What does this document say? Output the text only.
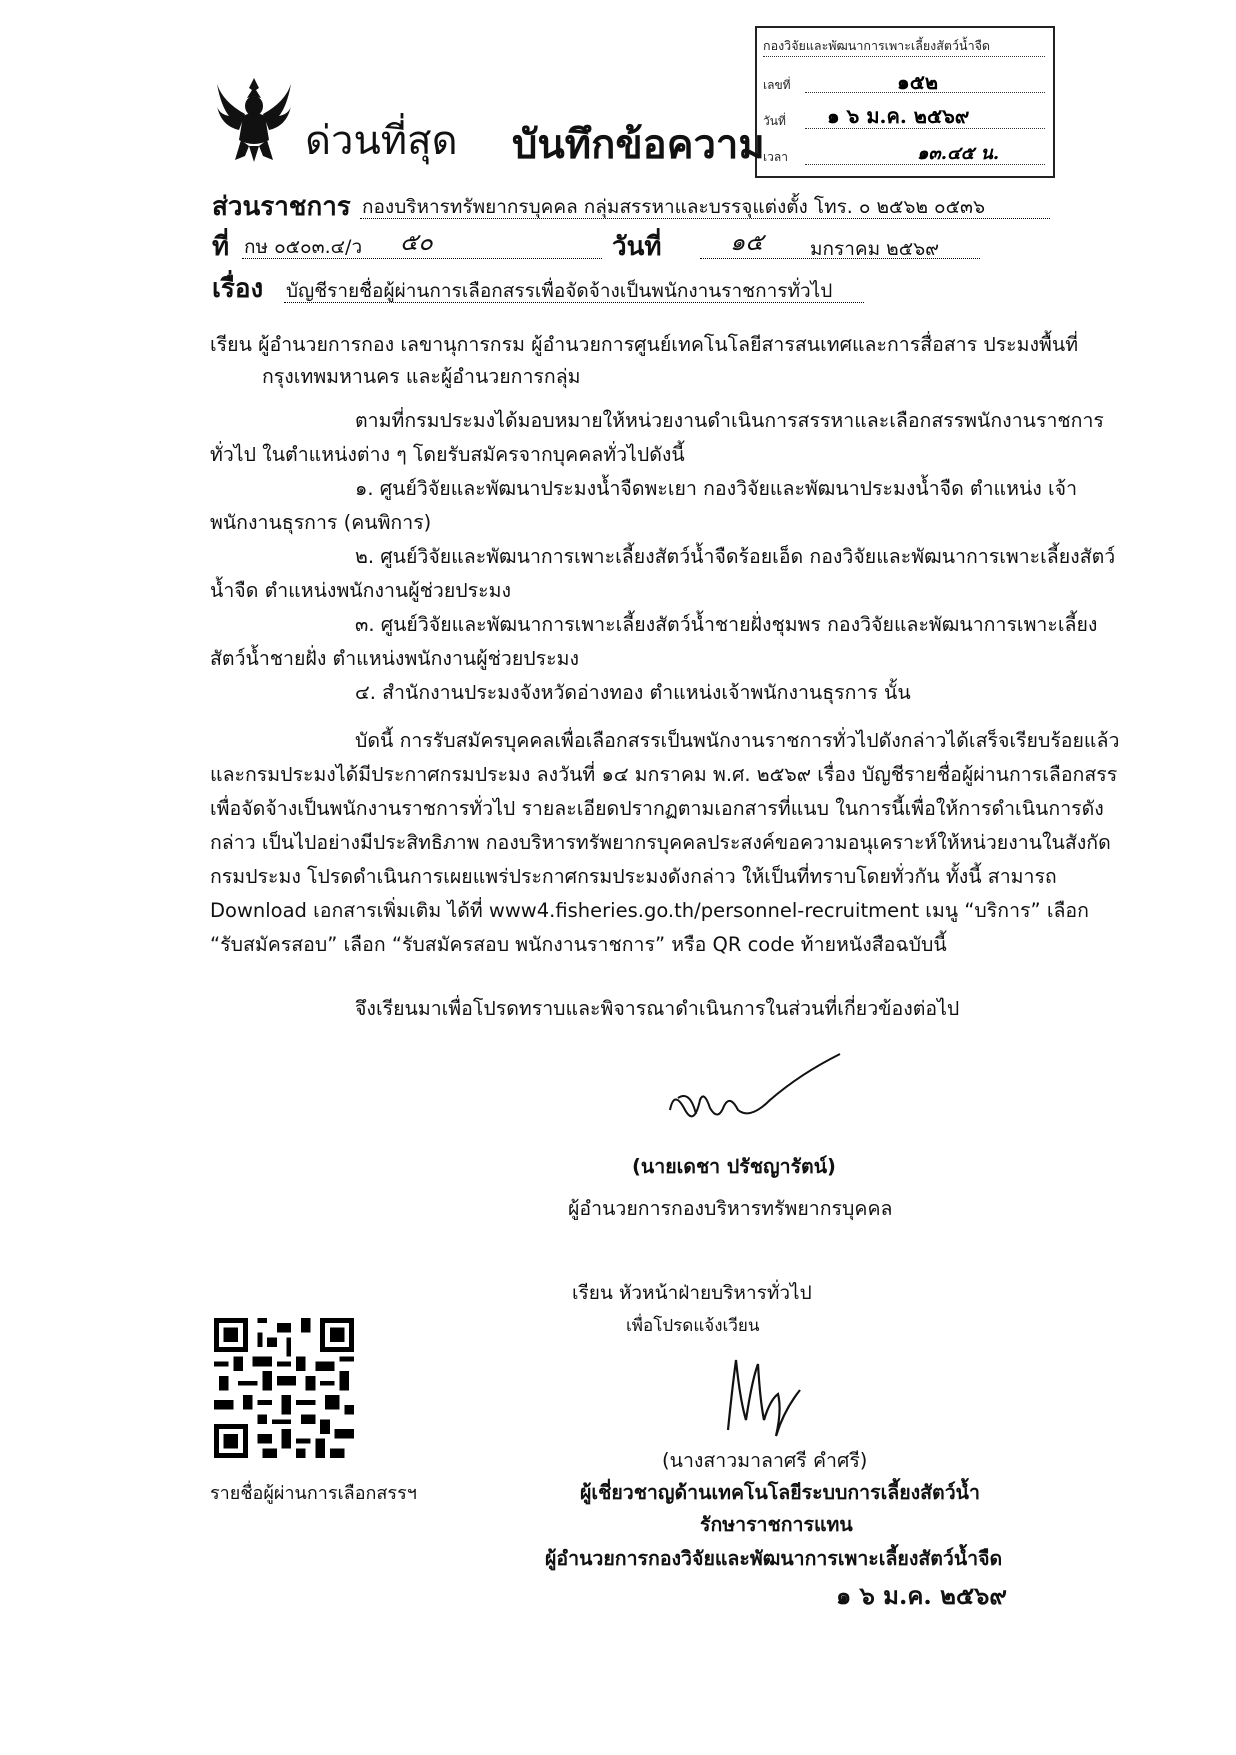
กองวิจัยและพัฒนาการเพาะเลี้ยงสัตว์น้ำจืด
เลขที่	๑๕๒
วันที่ ๑ ๖ ม.ค. ๒๕๖๙
เวลา	๑๓.๔๕ น.
ด่วนที่สุด บันทึกข้อความ
ส่วนราชการ กองบริหารทรัพยากรบุคคล กลุ่มสรรหาและบรรจุแต่งตั้ง โทร. ๐ ๒๕๖๒ ๐๕๓๖
ที่ กษ ๐๕๐๓.๔/ว ๕๐	วันที่	๑๕ มกราคม ๒๕๖๙
เรื่อง บัญชีรายชื่อผู้ผ่านการเลือกสรรเพื่อจัดจ้างเป็นพนักงานราชการทั่วไป
เรียน ผู้อำนวยการกอง เลขานุการกรม ผู้อำนวยการศูนย์เทคโนโลยีสารสนเทศและการสื่อสาร ประมงพื้นที่
กรุงเทพมหานคร และผู้อำนวยการกลุ่ม
ตามที่กรมประมงได้มอบหมายให้หน่วยงานดำเนินการสรรหาและเลือกสรรพนักงานราชการทั่วไป ในตำแหน่งต่าง ๆ โดยรับสมัครจากบุคคลทั่วไปดังนี้
๑. ศูนย์วิจัยและพัฒนาประมงน้ำจืดพะเยา กองวิจัยและพัฒนาประมงน้ำจืด ตำแหน่ง เจ้าพนักงานธุรการ (คนพิการ)
๒. ศูนย์วิจัยและพัฒนาการเพาะเลี้ยงสัตว์น้ำจืดร้อยเอ็ด กองวิจัยและพัฒนาการเพาะเลี้ยงสัตว์น้ำจืด ตำแหน่งพนักงานผู้ช่วยประมง
๓. ศูนย์วิจัยและพัฒนาการเพาะเลี้ยงสัตว์น้ำชายฝั่งชุมพร กองวิจัยและพัฒนาการเพาะเลี้ยง สัตว์น้ำชายฝั่ง ตำแหน่งพนักงานผู้ช่วยประมง
๔. สำนักงานประมงจังหวัดอ่างทอง ตำแหน่งเจ้าพนักงานธุรการ นั้น
บัดนี้ การรับสมัครบุคคลเพื่อเลือกสรรเป็นพนักงานราชการทั่วไปดังกล่าวได้เสร็จเรียบร้อยแล้ว และกรมประมงได้มีประกาศกรมประมง ลงวันที่ ๑๔ มกราคม พ.ศ. ๒๕๖๙ เรื่อง บัญชีรายชื่อผู้ผ่านการเลือกสรร เพื่อจัดจ้างเป็นพนักงานราชการทั่วไป รายละเอียดปรากฏตามเอกสารที่แนบ ในการนี้เพื่อให้การดำเนินการดังกล่าว เป็นไปอย่างมีประสิทธิภาพ กองบริหารทรัพยากรบุคคลประสงค์ขอความอนุเคราะห์ให้หน่วยงานในสังกัดกรมประมง โปรดดำเนินการเผยแพร่ประกาศกรมประมงดังกล่าว ให้เป็นที่ทราบโดยทั่วกัน ทั้งนี้ สามารถ Download เอกสารเพิ่มเติม ได้ที่ www4.fisheries.go.th/personnel-recruitment เมนู “บริการ” เลือก “รับสมัครสอบ” เลือก “รับสมัครสอบ พนักงานราชการ” หรือ QR code ท้ายหนังสือฉบับนี้
จึงเรียนมาเพื่อโปรดทราบและพิจารณาดำเนินการในส่วนที่เกี่ยวข้องต่อไป
(นายเดชา ปรัชญารัตน์)
ผู้อำนวยการกองบริหารทรัพยากรบุคคล
เรียน หัวหน้าฝ่ายบริหารทั่วไป
เพื่อโปรดแจ้งเวียน
(นางสาวมาลาศรี คำศรี)
ผู้เชี่ยวชาญด้านเทคโนโลยีระบบการเลี้ยงสัตว์น้ำ
รักษาราชการแทน
ผู้อำนวยการกองวิจัยและพัฒนาการเพาะเลี้ยงสัตว์น้ำจืด
๑ ๖ ม.ค. ๒๕๖๙
รายชื่อผู้ผ่านการเลือกสรรฯ
